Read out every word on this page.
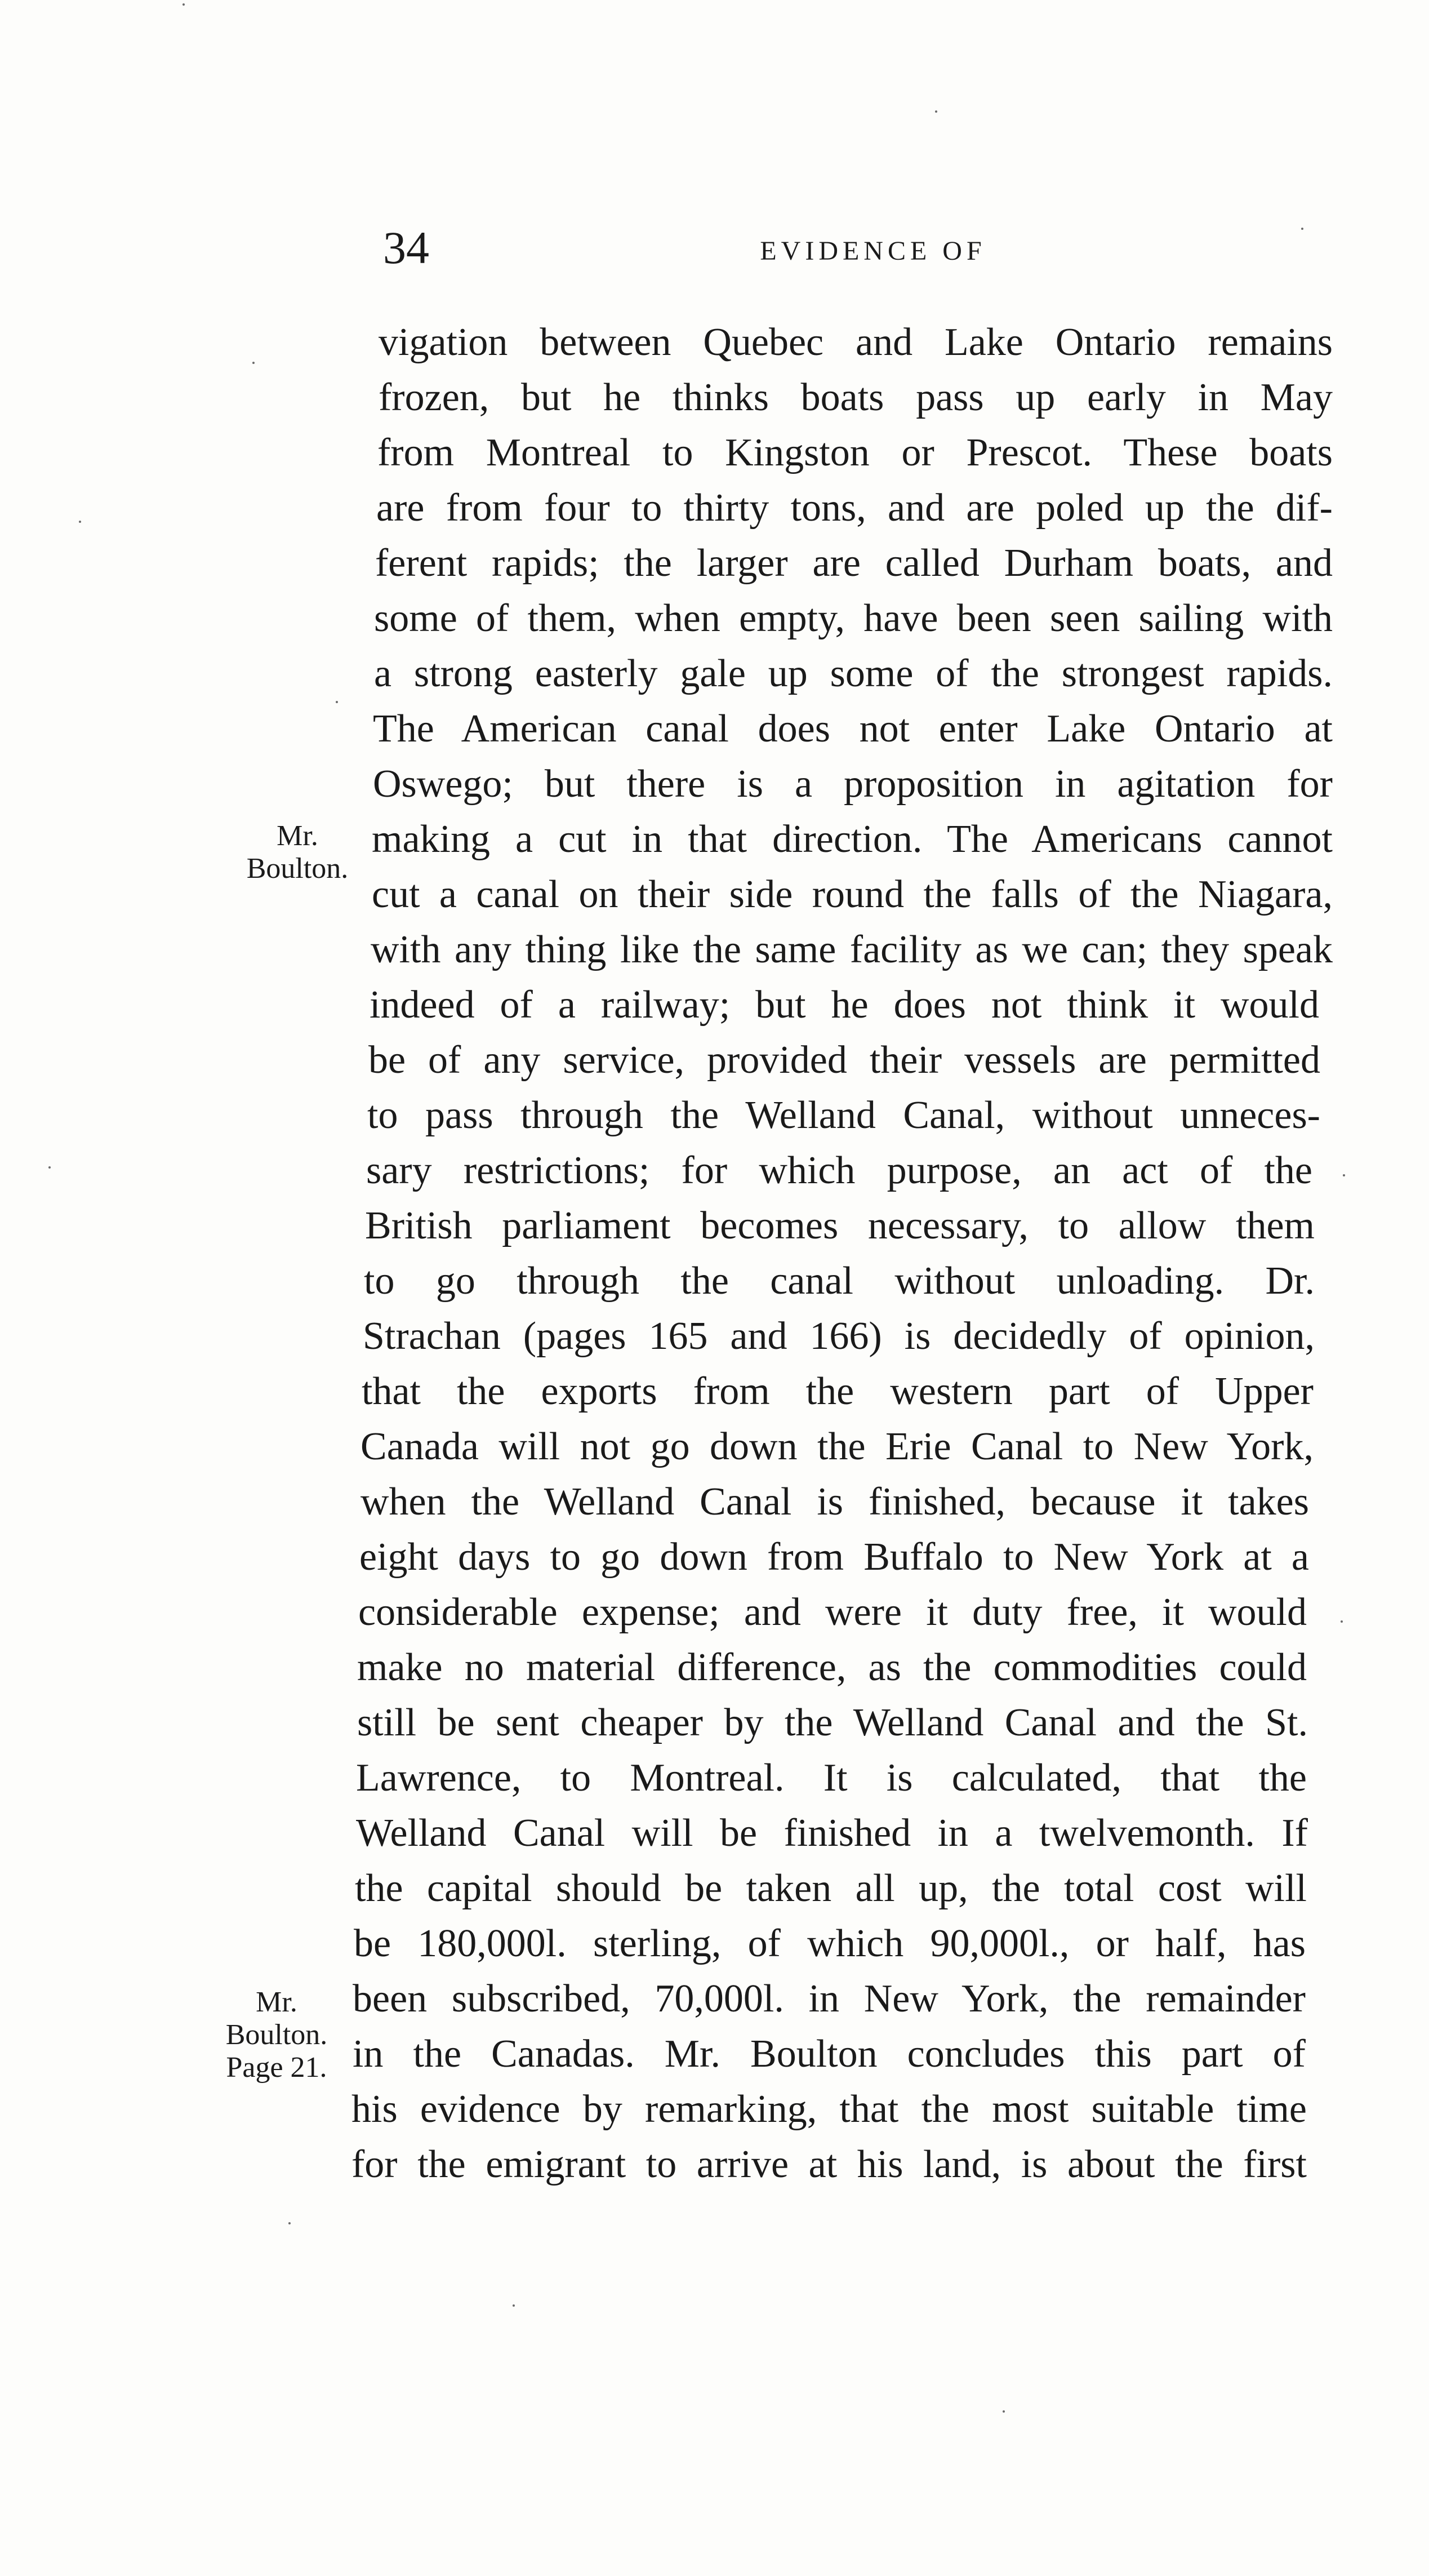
34	EVIDENCE OF
vigation between Quebec and Lake Ontario remains
frozen, but he thinks boats pass up early in May
from Montreal to Kingston or Prescot. These boats
are from four to thirty tons, and are poled up the dif-
ferent rapids; the larger are called Durham boats, and
some of them, when empty, have been seen sailing with
a strong easterly gale up some of the strongest rapids.
The American canal does not enter Lake Ontario at
Oswego; but there is a proposition in agitation for
making a cut in that direction. The Americans cannot
cut a canal on their side round the falls of the Niagara,
with any thing like the same facility as we can; they speak
indeed of a railway; but he does not think it would
be of any service, provided their vessels are permitted
to pass through the Welland Canal, without unneces-
sary restrictions; for which purpose, an act of the
British parliament becomes necessary, to allow them
to go through the canal without unloading. Dr.
Strachan (pages 165 and 166) is decidedly of opinion,
that the exports from the western part of Upper
Canada will not go down the Erie Canal to New York,
when the Welland Canal is finished, because it takes
eight days to go down from Buffalo to New York at a
considerable expense; and were it duty free, it would
make no material difference, as the commodities could
still be sent cheaper by the Welland Canal and the St.
Lawrence, to Montreal. It is calculated, that the
Welland Canal will be finished in a twelvemonth. If
the capital should be taken all up, the total cost will
be 180,000l. sterling, of which 90,000l., or half, has
been subscribed, 70,000l. in New York, the remainder
in the Canadas. Mr. Boulton concludes this part of
his evidence by remarking, that the most suitable time
for the emigrant to arrive at his land, is about the first
Mr.
Boulton.
Mr.
Boulton.
Page 21.
